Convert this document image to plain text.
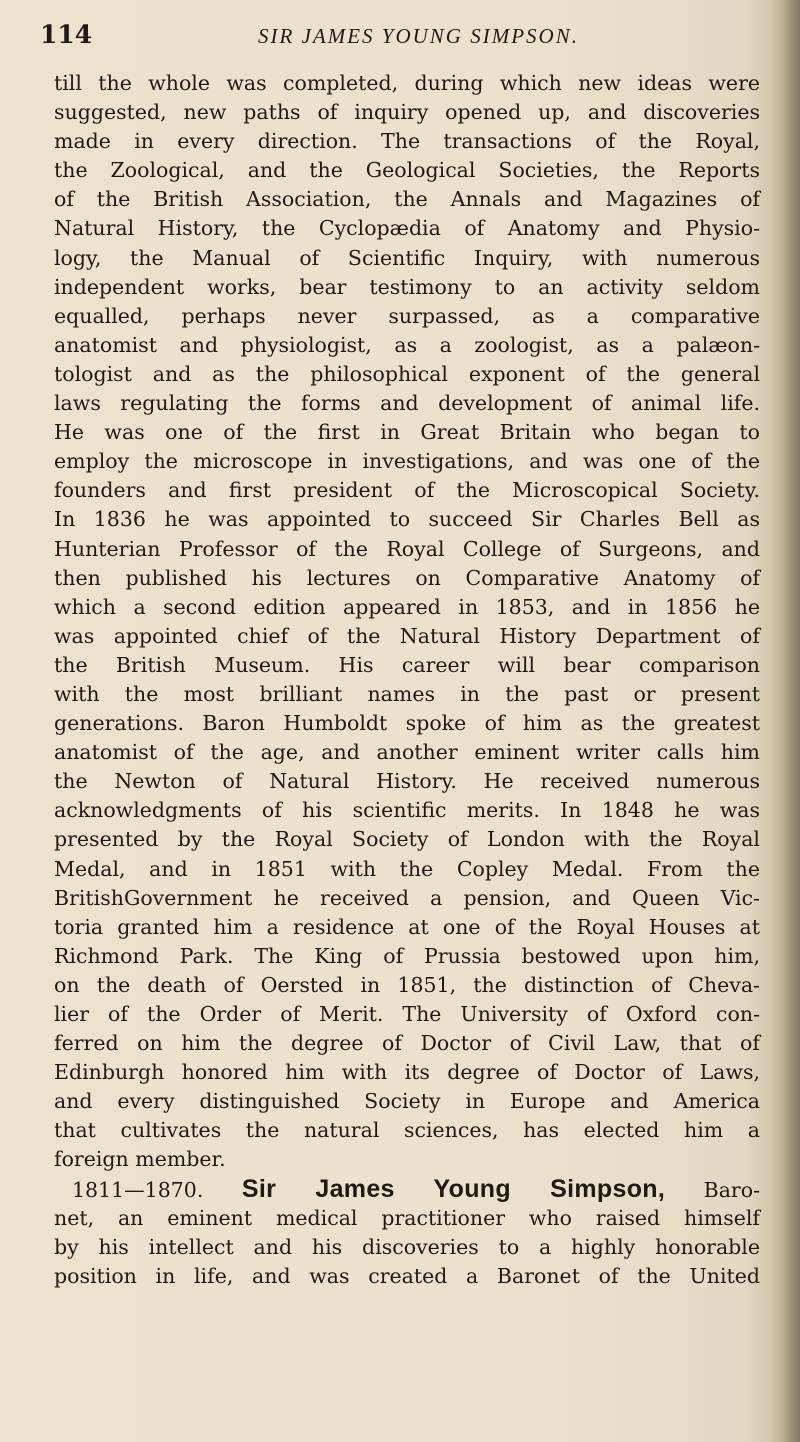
114	SIR JAMES YOUNG SIMPSON.
till the whole was completed, during which new ideas were
suggested, new paths of inquiry opened up, and discoveries
made in every direction. The transactions of the Royal,
the Zoological, and the Geological Societies, the Reports
of the British Association, the Annals and Magazines of
Natural History, the Cyclopædia of Anatomy and Physio-
logy, the Manual of Scientific Inquiry, with numerous
independent works, bear testimony to an activity seldom
equalled, perhaps never surpassed, as a comparative
anatomist and physiologist, as a zoologist, as a palæon-
tologist and as the philosophical exponent of the general
laws regulating the forms and development of animal life.
He was one of the first in Great Britain who began to
employ the microscope in investigations, and was one of the
founders and first president of the Microscopical Society.
In 1836 he was appointed to succeed Sir Charles Bell as
Hunterian Professor of the Royal College of Surgeons, and
then published his lectures on Comparative Anatomy of
which a second edition appeared in 1853, and in 1856 he
was appointed chief of the Natural History Department of
the British Museum. His career will bear comparison
with the most brilliant names in the past or present
generations. Baron Humboldt spoke of him as the greatest
anatomist of the age, and another eminent writer calls him
the Newton of Natural History. He received numerous
acknowledgments of his scientific merits. In 1848 he was
presented by the Royal Society of London with the Royal
Medal, and in 1851 with the Copley Medal. From the
BritishGovernment he received a pension, and Queen Vic-
toria granted him a residence at one of the Royal Houses at
Richmond Park. The King of Prussia bestowed upon him,
on the death of Oersted in 1851, the distinction of Cheva-
lier of the Order of Merit. The University of Oxford con-
ferred on him the degree of Doctor of Civil Law, that of
Edinburgh honored him with its degree of Doctor of Laws,
and every distinguished Society in Europe and America
that cultivates the natural sciences, has elected him a
foreign member.
1811—1870. Sir James Young Simpson, Baro-
net, an eminent medical practitioner who raised himself
by his intellect and his discoveries to a highly honorable
position in life, and was created a Baronet of the United
